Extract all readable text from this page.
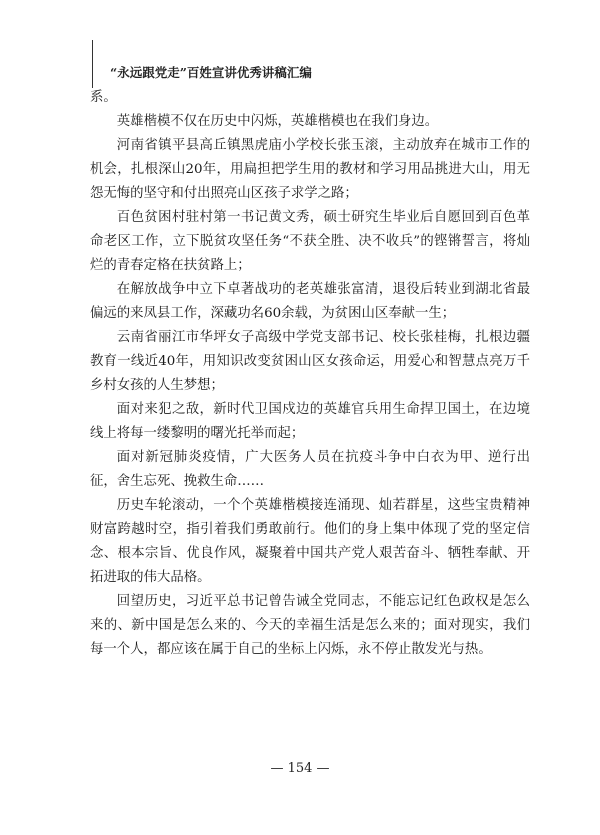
“永远跟党走”百姓宣讲优秀讲稿汇编

系。

英雄楷模不仅在历史中闪烁，英雄楷模也在我们身边。

河南省镇平县高丘镇黑虎庙小学校长张玉滚，主动放弃在城市工作的机会，扎根深山20年，用扁担把学生用的教材和学习用品挑进大山，用无怨无悔的坚守和付出照亮山区孩子求学之路；

百色贫困村驻村第一书记黄文秀，硕士研究生毕业后自愿回到百色革命老区工作，立下脱贫攻坚任务“不获全胜、决不收兵”的铿锵誓言，将灿烂的青春定格在扶贫路上；

在解放战争中立下卓著战功的老英雄张富清，退役后转业到湖北省最偏远的来凤县工作，深藏功名60余载，为贫困山区奉献一生；

云南省丽江市华坪女子高级中学党支部书记、校长张桂梅，扎根边疆教育一线近40年，用知识改变贫困山区女孩命运，用爱心和智慧点亮万千乡村女孩的人生梦想；

面对来犯之敌，新时代卫国戍边的英雄官兵用生命捍卫国土，在边境线上将每一缕黎明的曙光托举而起；

面对新冠肺炎疫情，广大医务人员在抗疫斗争中白衣为甲、逆行出征，舍生忘死、挽救生命……

历史车轮滚动，一个个英雄楷模接连涌现、灿若群星，这些宝贵精神财富跨越时空，指引着我们勇敢前行。他们的身上集中体现了党的坚定信念、根本宗旨、优良作风，凝聚着中国共产党人艰苦奋斗、牺牲奉献、开拓进取的伟大品格。

回望历史，习近平总书记曾告诫全党同志，不能忘记红色政权是怎么来的、新中国是怎么来的、今天的幸福生活是怎么来的；面对现实，我们每一个人，都应该在属于自己的坐标上闪烁，永不停止散发光与热。

— 154 —
